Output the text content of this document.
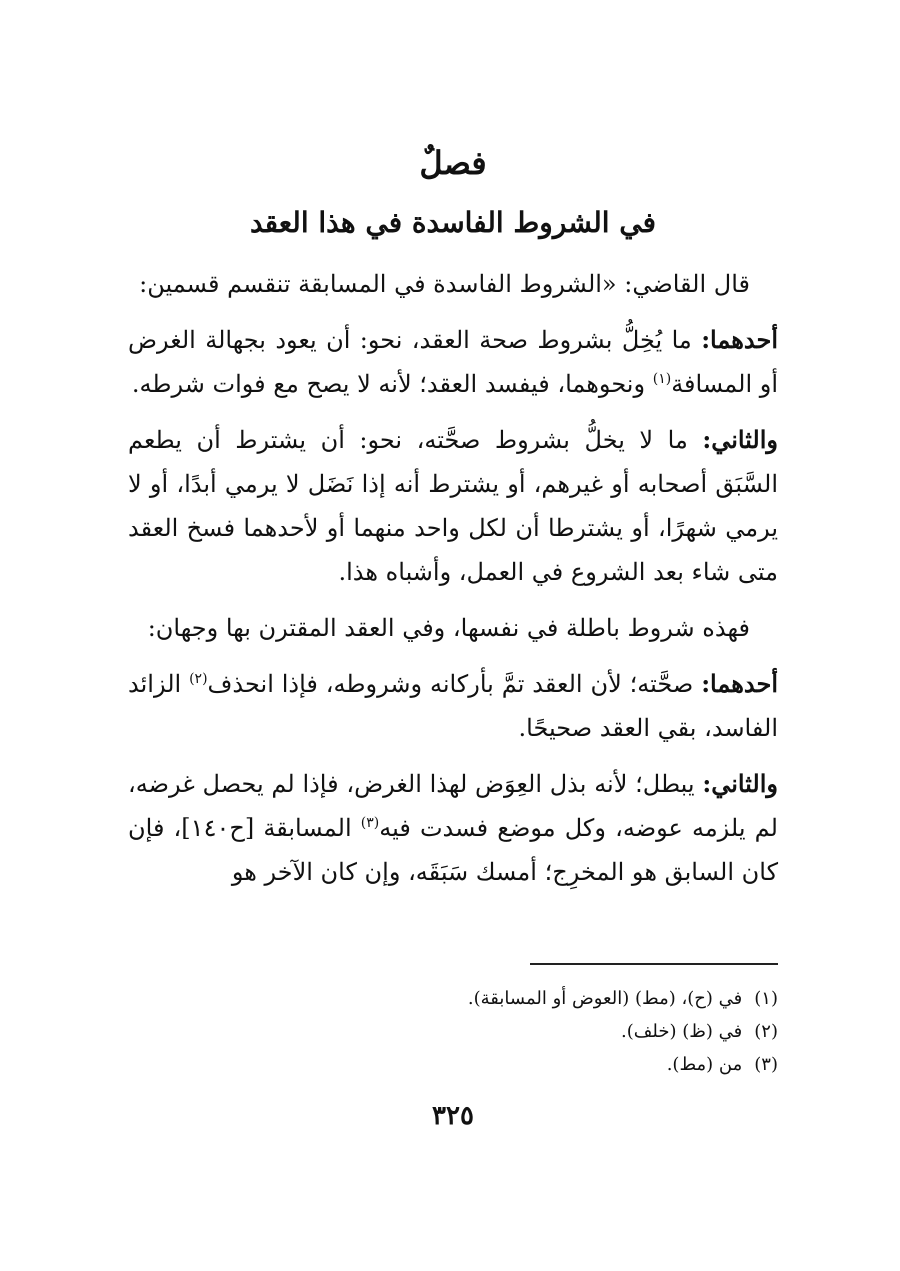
فصلٌ
في الشروط الفاسدة في هذا العقد

قال القاضي: «الشروط الفاسدة في المسابقة تنقسم قسمين:

أحدهما: ما يُخِلُّ بشروط صحة العقد، نحو: أن يعود بجهالة الغرض أو المسافة$^{(١)}$ ونحوهما، فيفسد العقد؛ لأنه لا يصح مع فوات شرطه.

والثاني: ما لا يخلُّ بشروط صحَّته، نحو: أن يشترط أن يطعم السَّبَق أصحابه أو غيرهم، أو يشترط أنه إذا نَضَل لا يرمي أبدًا، أو لا يرمي شهرًا، أو يشترطا أن لكل واحد منهما أو لأحدهما فسخ العقد متى شاء بعد الشروع في العمل، وأشباه هذا.

فهذه شروط باطلة في نفسها، وفي العقد المقترن بها وجهان:

أحدهما: صحَّته؛ لأن العقد تمَّ بأركانه وشروطه، فإذا انحذف$^{(٢)}$ الزائد الفاسد، بقي العقد صحيحًا.

والثاني: يبطل؛ لأنه بذل العِوَض لهذا الغرض، فإذا لم يحصل غرضه، لم يلزمه عوضه، وكل موضع فسدت فيه$^{(٣)}$ المسابقة [ح١٤٠]، فإن كان السابق هو المخرِج؛ أمسك سَبَقَه، وإن كان الآخر هو

(١)في (ح)، (مط) (العوض أو المسابقة).
(٢)في (ظ) (خلف).
(٣)من (مط).
٣٢٥
